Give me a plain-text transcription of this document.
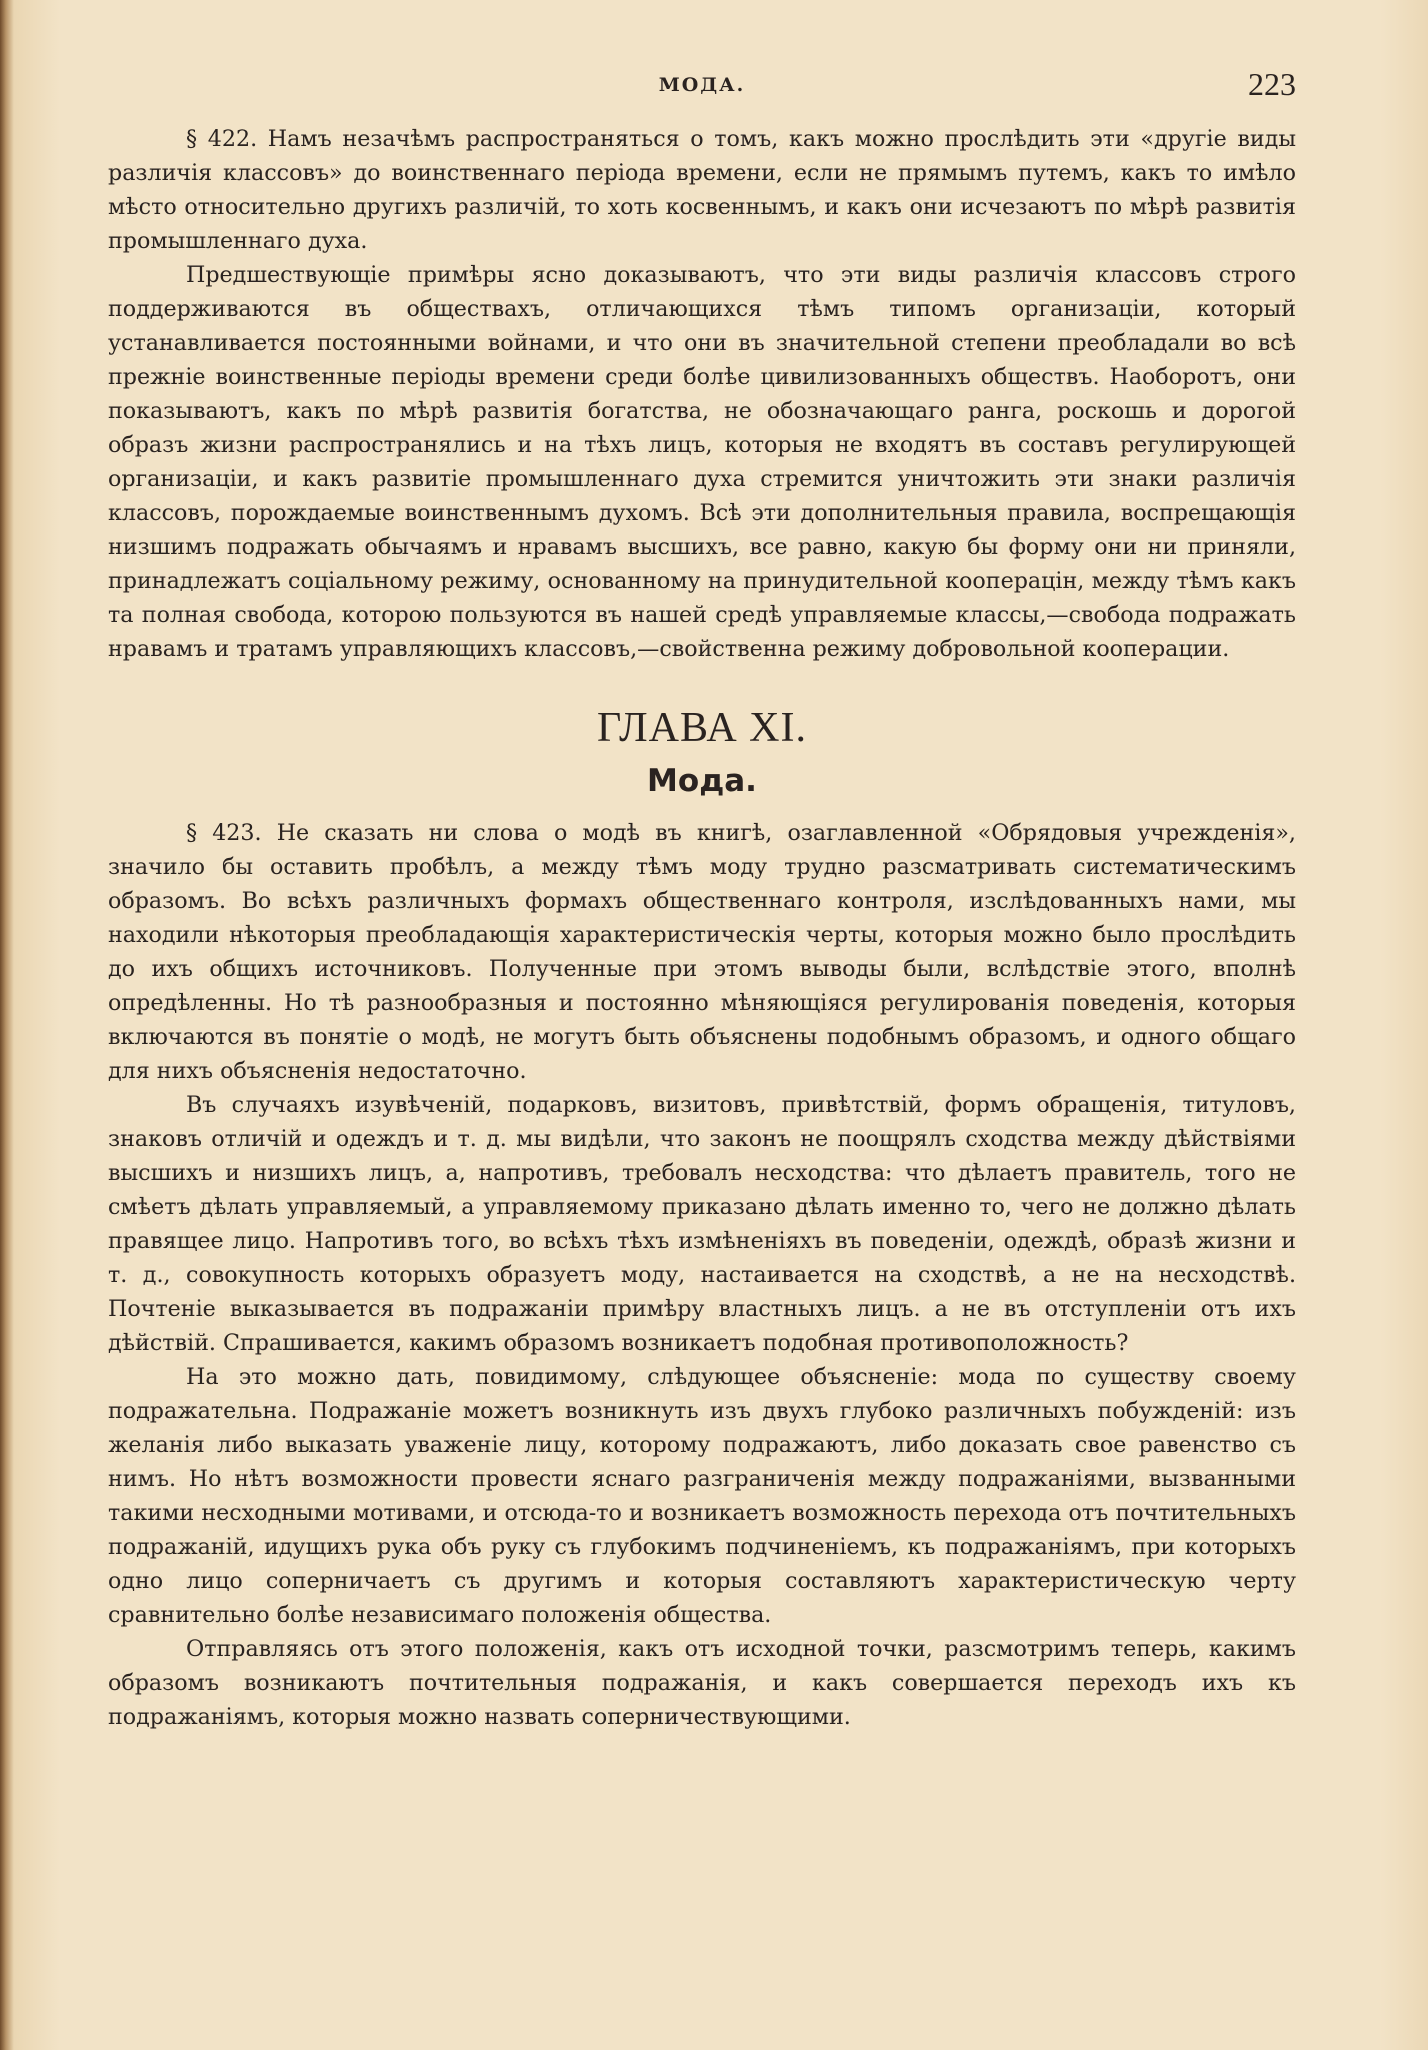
МОДА.	223

§ 422. Намъ незачѣмъ распространяться о томъ, какъ можно прослѣдить эти «другіе виды различія классовъ» до воинственнаго періода времени, если не прямымъ путемъ, какъ то имѣло мѣсто относительно другихъ различій, то хоть косвеннымъ, и какъ они исчезаютъ по мѣрѣ развитія промышленнаго духа.

Предшествующіе примѣры ясно доказываютъ, что эти виды различія классовъ строго поддерживаются въ обществахъ, отличающихся тѣмъ типомъ организаціи, который устанавливается постоянными войнами, и что они въ значительной степени преобладали во всѣ прежніе воинственные періоды времени среди болѣе цивилизованныхъ обществъ. Наоборотъ, они показываютъ, какъ по мѣрѣ развитія богатства, не обозначающаго ранга, роскошь и дорогой образъ жизни распространялись и на тѣхъ лицъ, которыя не входятъ въ составъ регулирующей организаціи, и какъ развитіе промышленнаго духа стремится уничтожить эти знаки различія классовъ, порождаемые воинственнымъ духомъ. Всѣ эти дополнительныя правила, воспрещающія низшимъ подражать обычаямъ и нравамъ высшихъ, все равно, какую бы форму они ни приняли, принадлежатъ соціальному режиму, основанному на принудительной кооперацін, между тѣмъ какъ та полная свобода, которою пользуются въ нашей средѣ управляемые классы,—свобода подражать нравамъ и тратамъ управляющихъ классовъ,—свойственна режиму добровольной кооперации.

ГЛАВА XI.
Мода.

§ 423. Не сказать ни слова о модѣ въ книгѣ, озаглавленной «Обрядовыя учрежденія», значило бы оставить пробѣлъ, а между тѣмъ моду трудно разсматривать систематическимъ образомъ. Во всѣхъ различныхъ формахъ общественнаго контроля, изслѣдованныхъ нами, мы находили нѣкоторыя преобладающія характеристическія черты, которыя можно было прослѣдить до ихъ общихъ источниковъ. Полученные при этомъ выводы были, вслѣдствіе этого, вполнѣ опредѣленны. Но тѣ разнообразныя и постоянно мѣняющіяся регулированія поведенія, которыя включаются въ понятіе о модѣ, не могутъ быть объяснены подобнымъ образомъ, и одного общаго для нихъ объясненія недостаточно.

Въ случаяхъ изувѣченій, подарковъ, визитовъ, привѣтствій, формъ обращенія, титуловъ, знаковъ отличій и одеждъ и т. д. мы видѣли, что законъ не поощрялъ сходства между дѣйствіями высшихъ и низшихъ лицъ, а, напротивъ, требовалъ несходства: что дѣлаетъ правитель, того не смѣетъ дѣлать управляемый, а управляемому приказано дѣлать именно то, чего не должно дѣлать правящее лицо. Напротивъ того, во всѣхъ тѣхъ измѣненіяхъ въ поведеніи, одеждѣ, образѣ жизни и т. д., совокупность которыхъ образуетъ моду, настаивается на сходствѣ, а не на несходствѣ. Почтеніе выказывается въ подражаніи примѣру властныхъ лицъ. а не въ отступленіи отъ ихъ дѣйствій. Спрашивается, какимъ образомъ возникаетъ подобная противоположность?

На это можно дать, повидимому, слѣдующее объясненіе: мода по существу своему подражательна. Подражаніе можетъ возникнуть изъ двухъ глубоко различныхъ побужденій: изъ желанія либо выказать уваженіе лицу, которому подражаютъ, либо доказать свое равенство съ нимъ. Но нѣтъ возможности провести яснаго разграниченія между подражаніями, вызванными такими несходными мотивами, и отсюда-то и возникаетъ возможность перехода отъ почтительныхъ подражаній, идущихъ рука объ руку съ глубокимъ подчиненіемъ, къ подражаніямъ, при которыхъ одно лицо соперничаетъ съ другимъ и которыя составляютъ характеристическую черту сравнительно болѣе независимаго положенія общества.

Отправляясь отъ этого положенія, какъ отъ исходной точки, разсмотримъ теперь, какимъ образомъ возникаютъ почтительныя подражанія, и какъ совершается переходъ ихъ къ подражаніямъ, которыя можно назвать соперничествующими.
